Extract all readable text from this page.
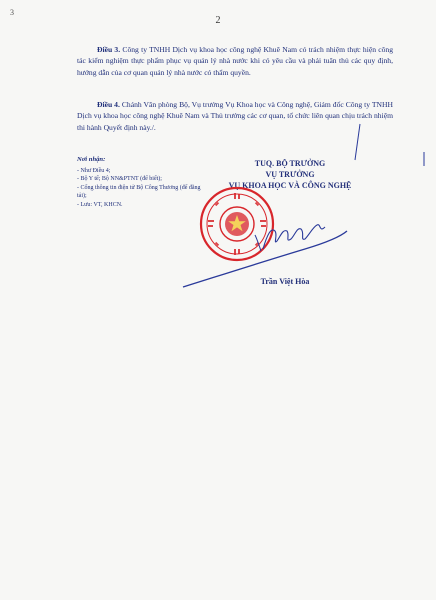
3
2

Điều 3. Công ty TNHH Dịch vụ khoa học công nghệ Khuê Nam có trách nhiệm thực hiện công tác kiểm nghiệm thực phẩm phục vụ quản lý nhà nước khi có yêu cầu và phải tuân thủ các quy định, hướng dẫn của cơ quan quản lý nhà nước có thẩm quyền.

Điều 4. Chánh Văn phòng Bộ, Vụ trưởng Vụ Khoa học và Công nghệ, Giám đốc Công ty TNHH Dịch vụ khoa học công nghệ Khuê Nam và Thủ trưởng các cơ quan, tổ chức liên quan chịu trách nhiệm thi hành Quyết định này./.

Nơi nhận:
- Như Điều 4;
- Bộ Y tế; Bộ NN&PTNT (để biết);
- Cổng thông tin điện tử Bộ Công Thương (để đăng tải);
- Lưu: VT, KHCN.
TUQ. BỘ TRƯỞNG
VỤ TRƯỞNG
VỤ KHOA HỌC VÀ CÔNG NGHỆ
Trần Việt Hòa
